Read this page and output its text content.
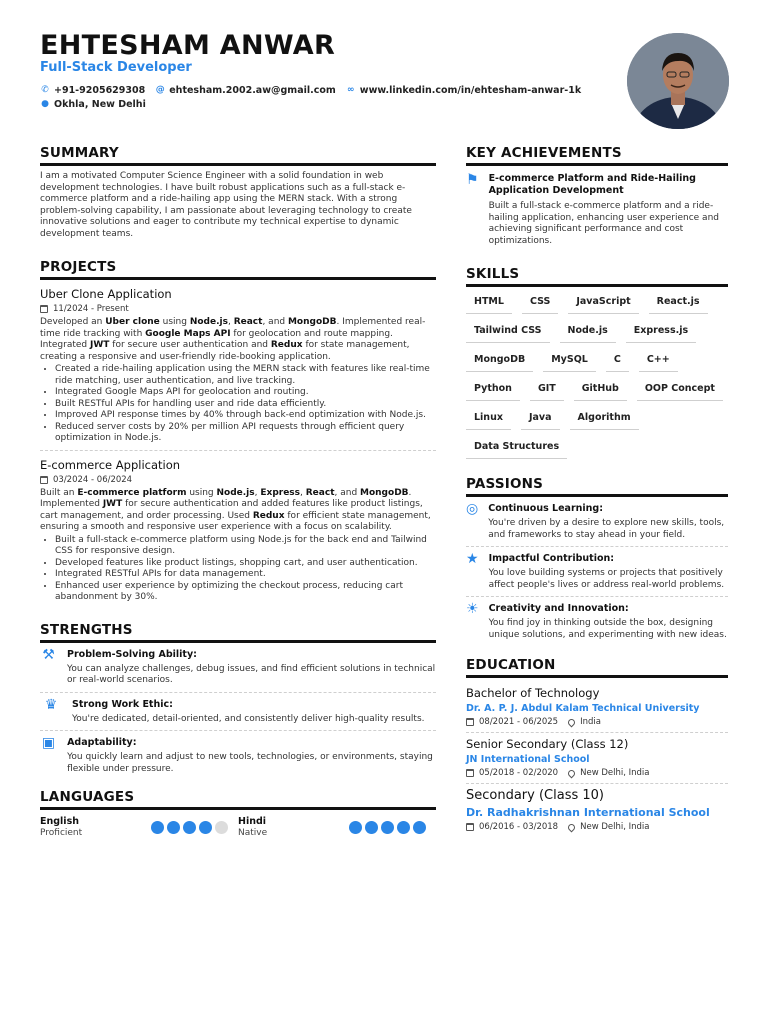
EHTESHAM ANWAR
Full-Stack Developer
✆ +91-9205629308 @ ehtesham.2002.aw@gmail.com ∞ www.linkedin.com/in/ehtesham-anwar-1k
● Okhla, New Delhi
SUMMARY
I am a motivated Computer Science Engineer with a solid foundation in web development technologies. I have built robust applications such as a full-stack e-commerce platform and a ride-hailing app using the MERN stack. With a strong problem-solving capability, I am passionate about leveraging technology to create innovative solutions and eager to contribute my technical expertise to dynamic development teams.
PROJECTS
Uber Clone Application
11/2024 - Present
Developed an Uber clone using Node.js, React, and MongoDB. Implemented real-time ride tracking with Google Maps API for geolocation and route mapping. Integrated JWT for secure user authentication and Redux for state management, creating a responsive and user-friendly ride-booking application.
• Created a ride-hailing application using the MERN stack with features like real-time ride matching, user authentication, and live tracking.
• Integrated Google Maps API for geolocation and routing.
• Built RESTful APIs for handling user and ride data efficiently.
• Improved API response times by 40% through back-end optimization with Node.js.
• Reduced server costs by 20% per million API requests through efficient query optimization in Node.js.
E-commerce Application
03/2024 - 06/2024
Built an E-commerce platform using Node.js, Express, React, and MongoDB. Implemented JWT for secure authentication and added features like product listings, cart management, and order processing. Used Redux for efficient state management, ensuring a smooth and responsive user experience with a focus on scalability.
• Built a full-stack e-commerce platform using Node.js for the back end and Tailwind CSS for responsive design.
• Developed features like product listings, shopping cart, and user authentication.
• Integrated RESTful APIs for data management.
• Enhanced user experience by optimizing the checkout process, reducing cart abandonment by 30%.
STRENGTHS
⚒ Problem-Solving Ability:
You can analyze challenges, debug issues, and find efficient solutions in technical or real-world scenarios.
♛	Strong Work Ethic:
You're dedicated, detail-oriented, and consistently deliver high-quality results.
▣ Adaptability:
You quickly learn and adjust to new tools, technologies, or environments, staying flexible under pressure.
LANGUAGES
English
Proficient
Hindi
Native
KEY ACHIEVEMENTS
⚑ E-commerce Platform and Ride-Hailing Application Development
Built a full-stack e-commerce platform and a ride-hailing application, enhancing user experience and achieving significant performance and cost optimizations.
SKILLS
HTML	CSS	JavaScript	React.js
Tailwind CSS	Node.js	Express.js
MongoDB	MySQL	C	C++
Python	GIT	GitHub	OOP Concept
Linux	Java	Algorithm
Data Structures
PASSIONS
◎ Continuous Learning:
You're driven by a desire to explore new skills, tools, and frameworks to stay ahead in your field.
★ Impactful Contribution:
You love building systems or projects that positively affect people's lives or address real-world problems.
☀ Creativity and Innovation:
You find joy in thinking outside the box, designing unique solutions, and experimenting with new ideas.
EDUCATION
Bachelor of Technology
Dr. A. P. J. Abdul Kalam Technical University
08/2021 - 06/2025	India
Senior Secondary (Class 12)
JN International School
05/2018 - 02/2020	New Delhi, India
Secondary (Class 10)
Dr. Radhakrishnan International School
06/2016 - 03/2018	New Delhi, India
